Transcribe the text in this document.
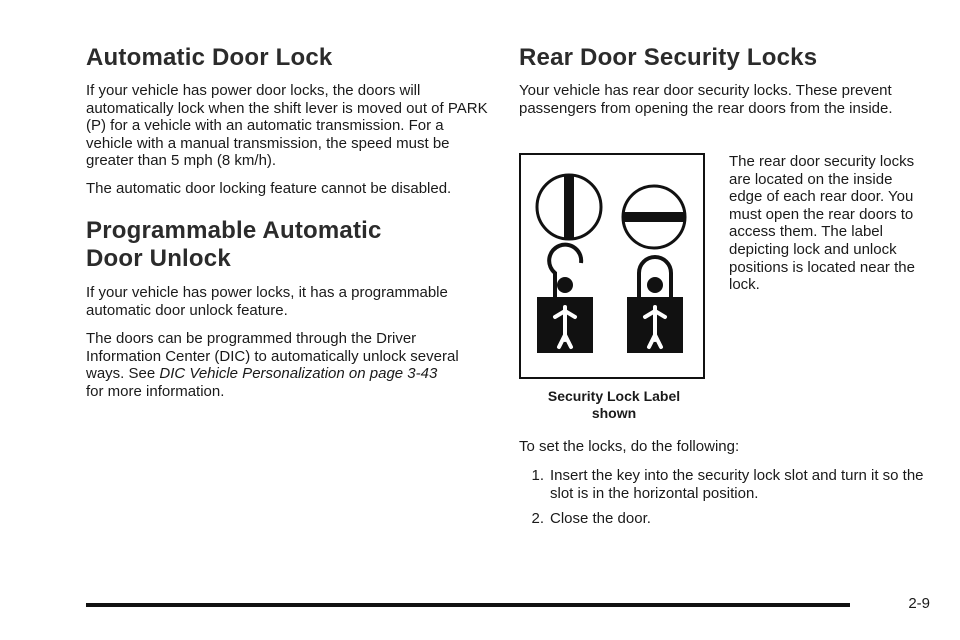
Automatic Door Lock

If your vehicle has power door locks, the doors will automatically lock when the shift lever is moved out of PARK (P) for a vehicle with an automatic transmission. For a vehicle with a manual transmission, the speed must be greater than 5 mph (8 km/h).

The automatic door locking feature cannot be disabled.

Programmable Automatic
Door Unlock

If your vehicle has power locks, it has a programmable automatic door unlock feature.

The doors can be programmed through the Driver Information Center (DIC) to automatically unlock several ways. See DIC Vehicle Personalization on page 3-43
for more information.

Rear Door Security Locks

Your vehicle has rear door security locks. These prevent passengers from opening the rear doors from the inside.

Security Lock Label
shown

The rear door security locks are located on the inside edge of each rear door. You must open the rear doors to access them. The label depicting lock and unlock positions is located near the lock.

To set the locks, do the following:

1. Insert the key into the security lock slot and turn it so the slot is in the horizontal position.
2. Close the door.
2-9
